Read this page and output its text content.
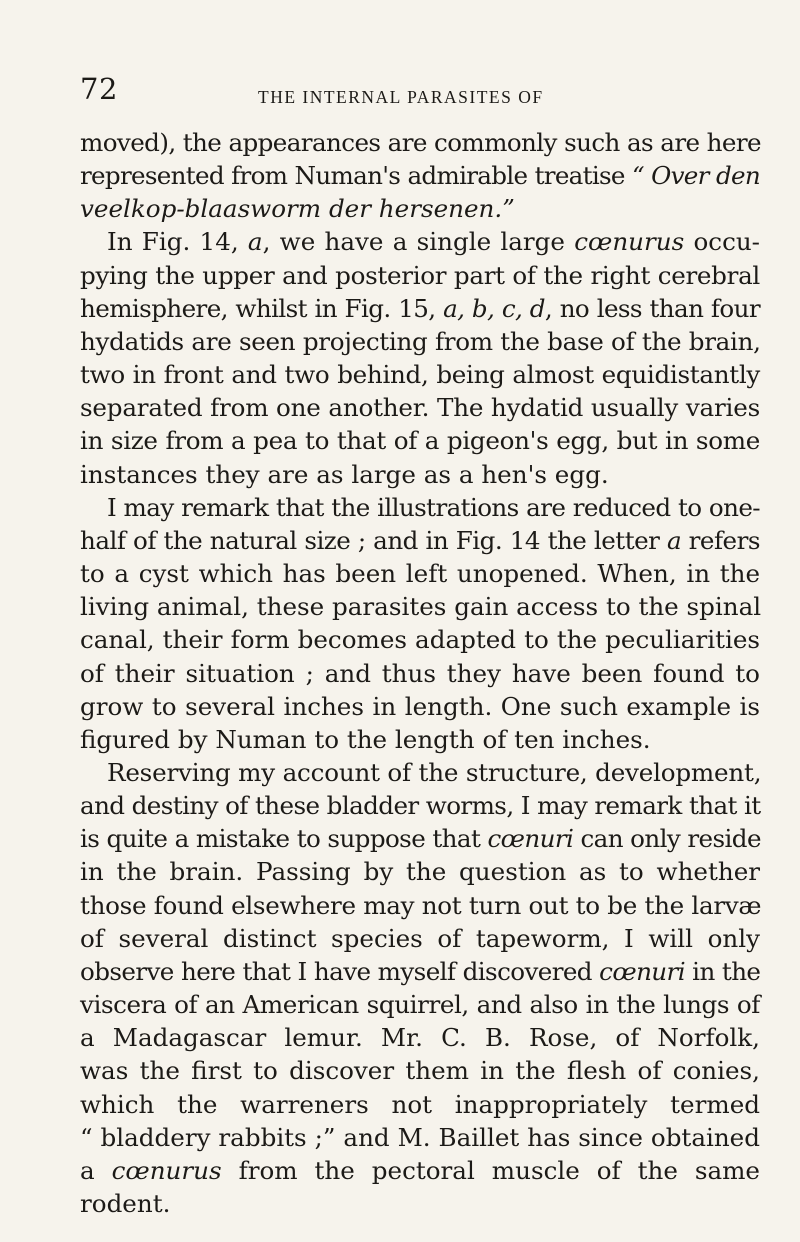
72	THE INTERNAL PARASITES OF
moved), the appearances are commonly such as are here
represented from Numan's admirable treatise “ Over den
veelkop-blaasworm der hersenen.”
In Fig. 14, a, we have a single large cœnurus occu-
pying the upper and posterior part of the right cerebral
hemisphere, whilst in Fig. 15, a, b, c, d, no less than four
hydatids are seen projecting from the base of the brain,
two in front and two behind, being almost equidistantly
separated from one another. The hydatid usually varies
in size from a pea to that of a pigeon's egg, but in some
instances they are as large as a hen's egg.
I may remark that the illustrations are reduced to one-
half of the natural size ; and in Fig. 14 the letter a refers
to a cyst which has been left unopened. When, in the
living animal, these parasites gain access to the spinal
canal, their form becomes adapted to the peculiarities
of their situation ; and thus they have been found to
grow to several inches in length. One such example is
figured by Numan to the length of ten inches.
Reserving my account of the structure, development,
and destiny of these bladder worms, I may remark that it
is quite a mistake to suppose that cœnuri can only reside
in the brain. Passing by the question as to whether
those found elsewhere may not turn out to be the larvæ
of several distinct species of tapeworm, I will only
observe here that I have myself discovered cœnuri in the
viscera of an American squirrel, and also in the lungs of
a Madagascar lemur. Mr. C. B. Rose, of Norfolk,
was the first to discover them in the flesh of conies,
which the warreners not inappropriately termed
“ bladdery rabbits ;” and M. Baillet has since obtained
a cœnurus from the pectoral muscle of the same
rodent.
